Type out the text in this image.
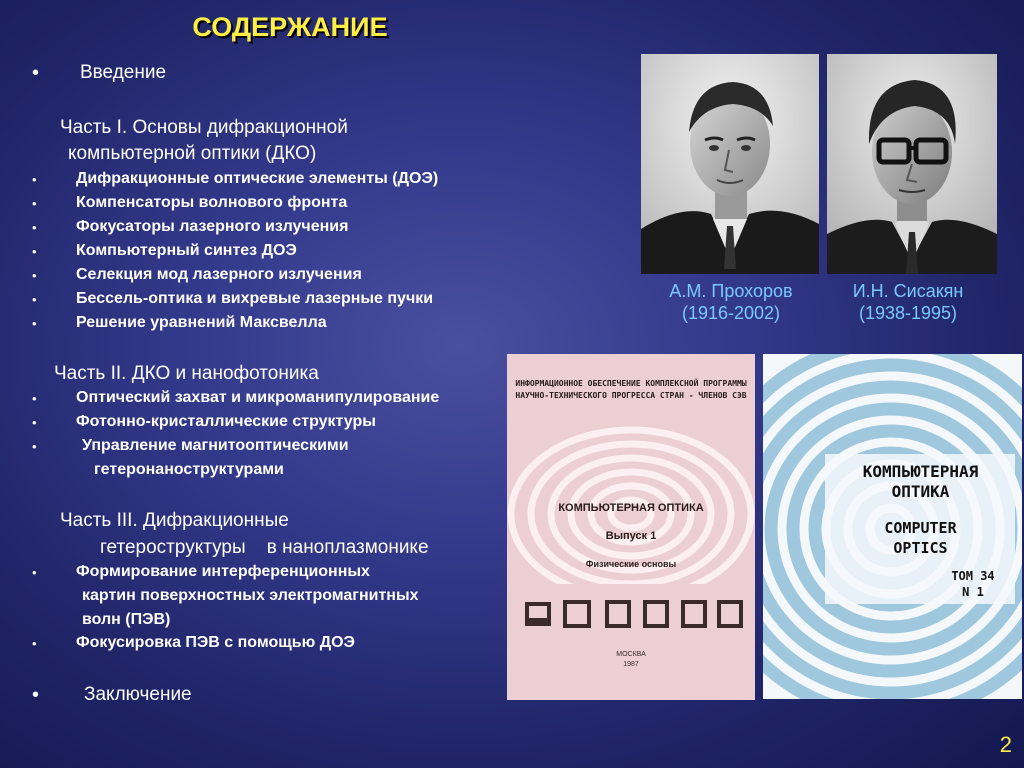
СОДЕРЖАНИЕ
• Введение
Часть I. Основы дифракционной
компьютерной оптики (ДКО)
• Дифракционные оптические элементы (ДОЭ)
• Компенсаторы волнового фронта
• Фокусаторы лазерного излучения
• Компьютерный синтез ДОЭ
• Селекция мод лазерного излучения
• Бессель-оптика и вихревые лазерные пучки
• Решение уравнений Максвелла
Часть II. ДКО и нанофотоника
• Оптический захват и микроманипулирование
• Фотонно-кристаллические структуры
•	Управление магнитооптическими
гетеронаноструктурами
Часть III. Дифракционные
гетероструктуры    в наноплазмонике
• Формирование интерференционных
картин поверхностных электромагнитных
волн (ПЭВ)
• Фокусировка ПЭВ с помощью ДОЭ
• Заключение
А.М. Прохоров
(1916-2002)
И.Н. Сисакян
(1938-1995)
ИНФОРМАЦИОННОЕ ОБЕСПЕЧЕНИЕ КОМПЛЕКСНОЙ ПРОГРАММЫ
НАУЧНО-ТЕХНИЧЕСКОГО ПРОГРЕССА СТРАН - ЧЛЕНОВ СЭВ
КОМПЬЮТЕРНАЯ ОПТИКА
Выпуск 1
Физические основы
МОСКВА
1987
КОМПЬЮТЕРНАЯ
ОПТИКА
COMPUTER
OPTICS
ТОМ 34
N 1
2
